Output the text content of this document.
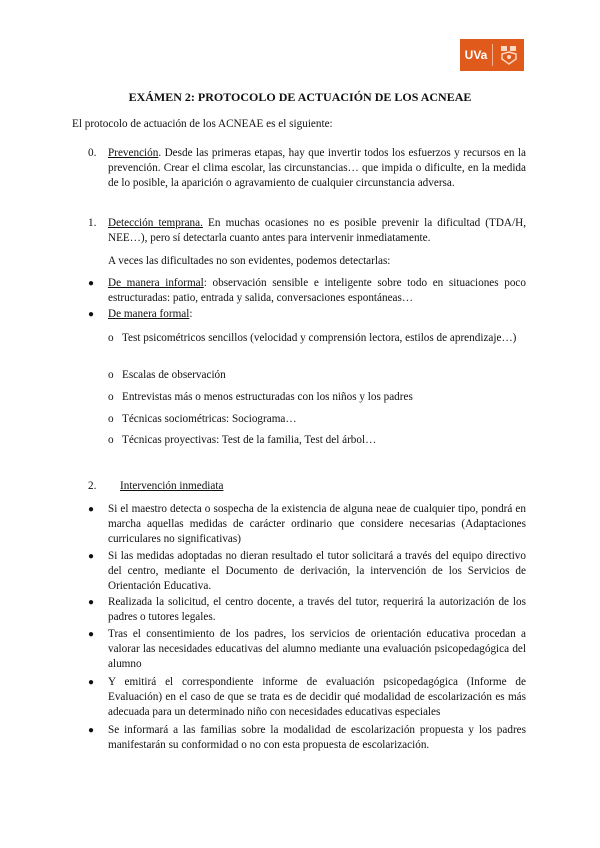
UVa
EXÁMEN 2: PROTOCOLO DE ACTUACIÓN DE LOS ACNEAE
El protocolo de actuación de los ACNEAE es el siguiente:
0. Prevención. Desde las primeras etapas, hay que invertir todos los esfuerzos y recursos en la prevención. Crear el clima escolar, las circunstancias… que impida o dificulte, en la medida de lo posible, la aparición o agravamiento de cualquier circunstancia adversa.
1. Detección temprana. En muchas ocasiones no es posible prevenir la dificultad (TDA/H, NEE…), pero sí detectarla cuanto antes para intervenir inmediatamente.
A veces las dificultades no son evidentes, podemos detectarlas:
● De manera informal: observación sensible e inteligente sobre todo en situaciones poco estructuradas: patio, entrada y salida, conversaciones espontáneas…
● De manera formal:
o Test psicométricos sencillos (velocidad y comprensión lectora, estilos de aprendizaje…)
o Escalas de observación
o Entrevistas más o menos estructuradas con los niños y los padres
o Técnicas sociométricas: Sociograma…
o Técnicas proyectivas: Test de la familia, Test del árbol…
2. Intervención inmediata
● Si el maestro detecta o sospecha de la existencia de alguna neae de cualquier tipo, pondrá en marcha aquellas medidas de carácter ordinario que considere necesarias (Adaptaciones curriculares no significativas)
● Si las medidas adoptadas no dieran resultado el tutor solicitará a través del equipo directivo del centro, mediante el Documento de derivación, la intervención de los Servicios de Orientación Educativa.
● Realizada la solicitud, el centro docente, a través del tutor, requerirá la autorización de los padres o tutores legales.
● Tras el consentimiento de los padres, los servicios de orientación educativa procedan a valorar las necesidades educativas del alumno mediante una evaluación psicopedagógica del alumno
● Y emitirá el correspondiente informe de evaluación psicopedagógica (Informe de Evaluación) en el caso de que se trata es de decidir qué modalidad de escolarización es más adecuada para un determinado niño con necesidades educativas especiales
● Se informará a las familias sobre la modalidad de escolarización propuesta y los padres manifestarán su conformidad o no con esta propuesta de escolarización.
